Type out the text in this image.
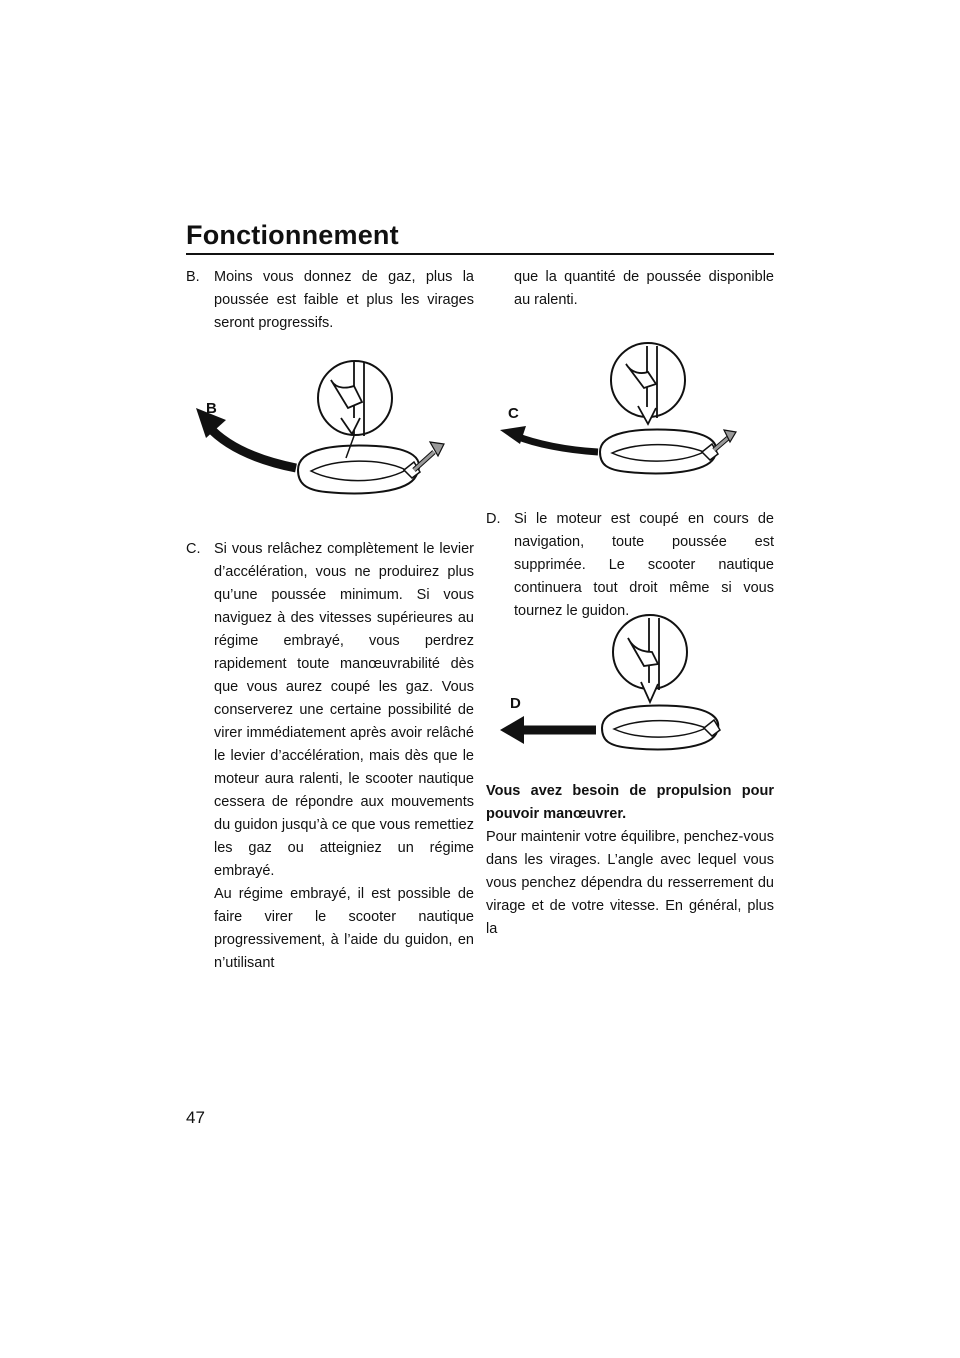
Fonctionnement
B. Moins vous donnez de gaz, plus la poussée est faible et plus les virages seront progressifs.
B
C. Si vous relâchez complètement le levier d’accélération, vous ne produirez plus qu’une poussée minimum. Si vous naviguez à des vitesses supérieures au régime embrayé, vous perdrez rapidement toute manœuvrabilité dès que vous aurez coupé les gaz. Vous conserverez une certaine possibilité de virer immédiatement après avoir relâché le levier d’accélération, mais dès que le moteur aura ralenti, le scooter nautique cessera de répondre aux mouvements du guidon jusqu’à ce que vous remettiez les gaz ou atteigniez un régime embrayé.
Au régime embrayé, il est possible de faire virer le scooter nautique progressivement, à l’aide du guidon, en n’utilisant
que la quantité de poussée disponible au ralenti.
C
D. Si le moteur est coupé en cours de navigation, toute poussée est supprimée. Le scooter nautique continuera tout droit même si vous tournez le guidon.
D
Vous avez besoin de propulsion pour pouvoir manœuvrer.
Pour maintenir votre équilibre, penchez-vous dans les virages. L’angle avec lequel vous vous penchez dépendra du resserrement du virage et de votre vitesse. En général, plus la
47
